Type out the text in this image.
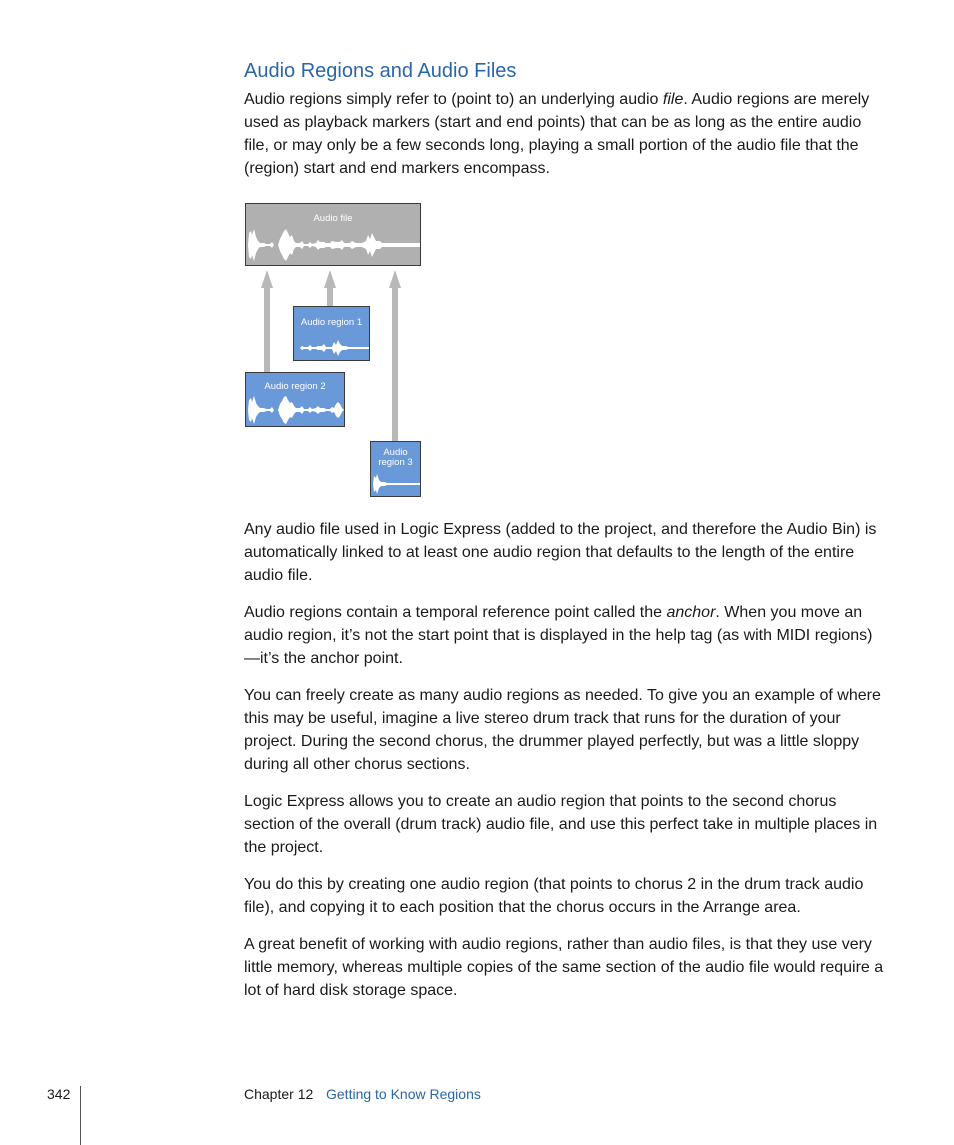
Audio Regions and Audio Files

Audio regions simply refer to (point to) an underlying audio file. Audio regions are merely used as playback markers (start and end points) that can be as long as the entire audio file, or may only be a few seconds long, playing a small portion of the audio file that the (region) start and end markers encompass.

Audio file
Audio region 1
Audio region 2
Audio
region 3

Any audio file used in Logic Express (added to the project, and therefore the Audio Bin) is automatically linked to at least one audio region that defaults to the length of the entire audio file.

Audio regions contain a temporal reference point called the anchor. When you move an audio region, it’s not the start point that is displayed in the help tag (as with MIDI regions)—it’s the anchor point.

You can freely create as many audio regions as needed. To give you an example of where this may be useful, imagine a live stereo drum track that runs for the duration of your project. During the second chorus, the drummer played perfectly, but was a little sloppy during all other chorus sections.

Logic Express allows you to create an audio region that points to the second chorus section of the overall (drum track) audio file, and use this perfect take in multiple places in the project.

You do this by creating one audio region (that points to chorus 2 in the drum track audio file), and copying it to each position that the chorus occurs in the Arrange area.

A great benefit of working with audio regions, rather than audio files, is that they use very little memory, whereas multiple copies of the same section of the audio file would require a lot of hard disk storage space.

342	Chapter 12 Getting to Know Regions
